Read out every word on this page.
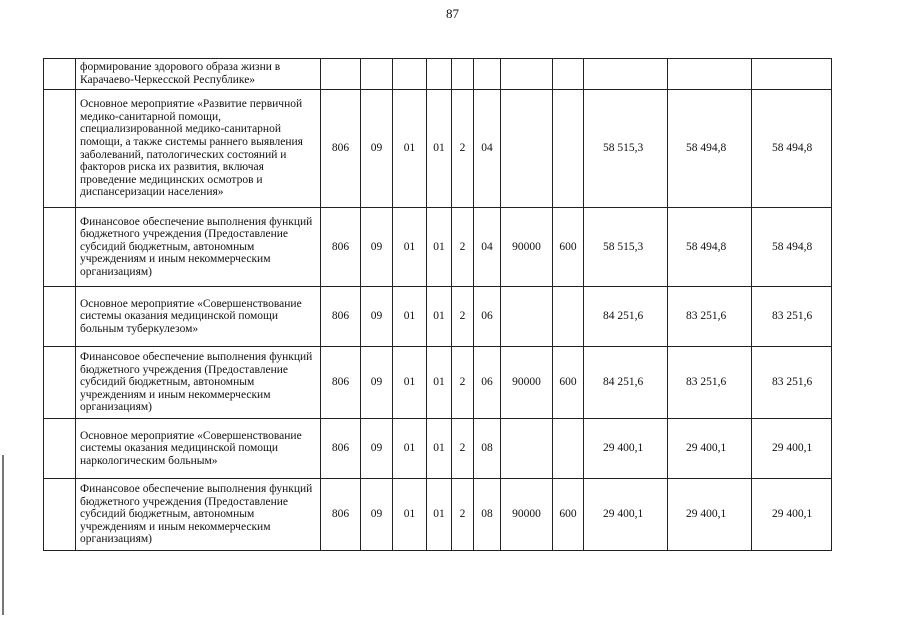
87
	формирование здорового образа жизни в Карачаево-Черкесской Республике»											
	Основное мероприятие «Развитие первичной медико-санитарной помощи, специализированной медико-санитарной помощи, а также системы раннего выявления заболеваний, патологических состояний и факторов риска их развития, включая проведение медицинских осмотров и диспансеризации населения»	806	09	01	01	2	04			58 515,3	58 494,8	58 494,8
	Финансовое обеспечение выполнения функций бюджетного учреждения (Предоставление субсидий бюджетным, автономным учреждениям и иным некоммерческим организациям)	806	09	01	01	2	04	90000	600	58 515,3	58 494,8	58 494,8
	Основное мероприятие «Совершенствование системы оказания медицинской помощи больным туберкулезом»	806	09	01	01	2	06			84 251,6	83 251,6	83 251,6
	Финансовое обеспечение выполнения функций бюджетного учреждения (Предоставление субсидий бюджетным, автономным учреждениям и иным некоммерческим организациям)	806	09	01	01	2	06	90000	600	84 251,6	83 251,6	83 251,6
	Основное мероприятие «Совершенствование системы оказания медицинской помощи наркологическим больным»	806	09	01	01	2	08			29 400,1	29 400,1	29 400,1
	Финансовое обеспечение выполнения функций бюджетного учреждения (Предоставление субсидий бюджетным, автономным учреждениям и иным некоммерческим организациям)	806	09	01	01	2	08	90000	600	29 400,1	29 400,1	29 400,1
